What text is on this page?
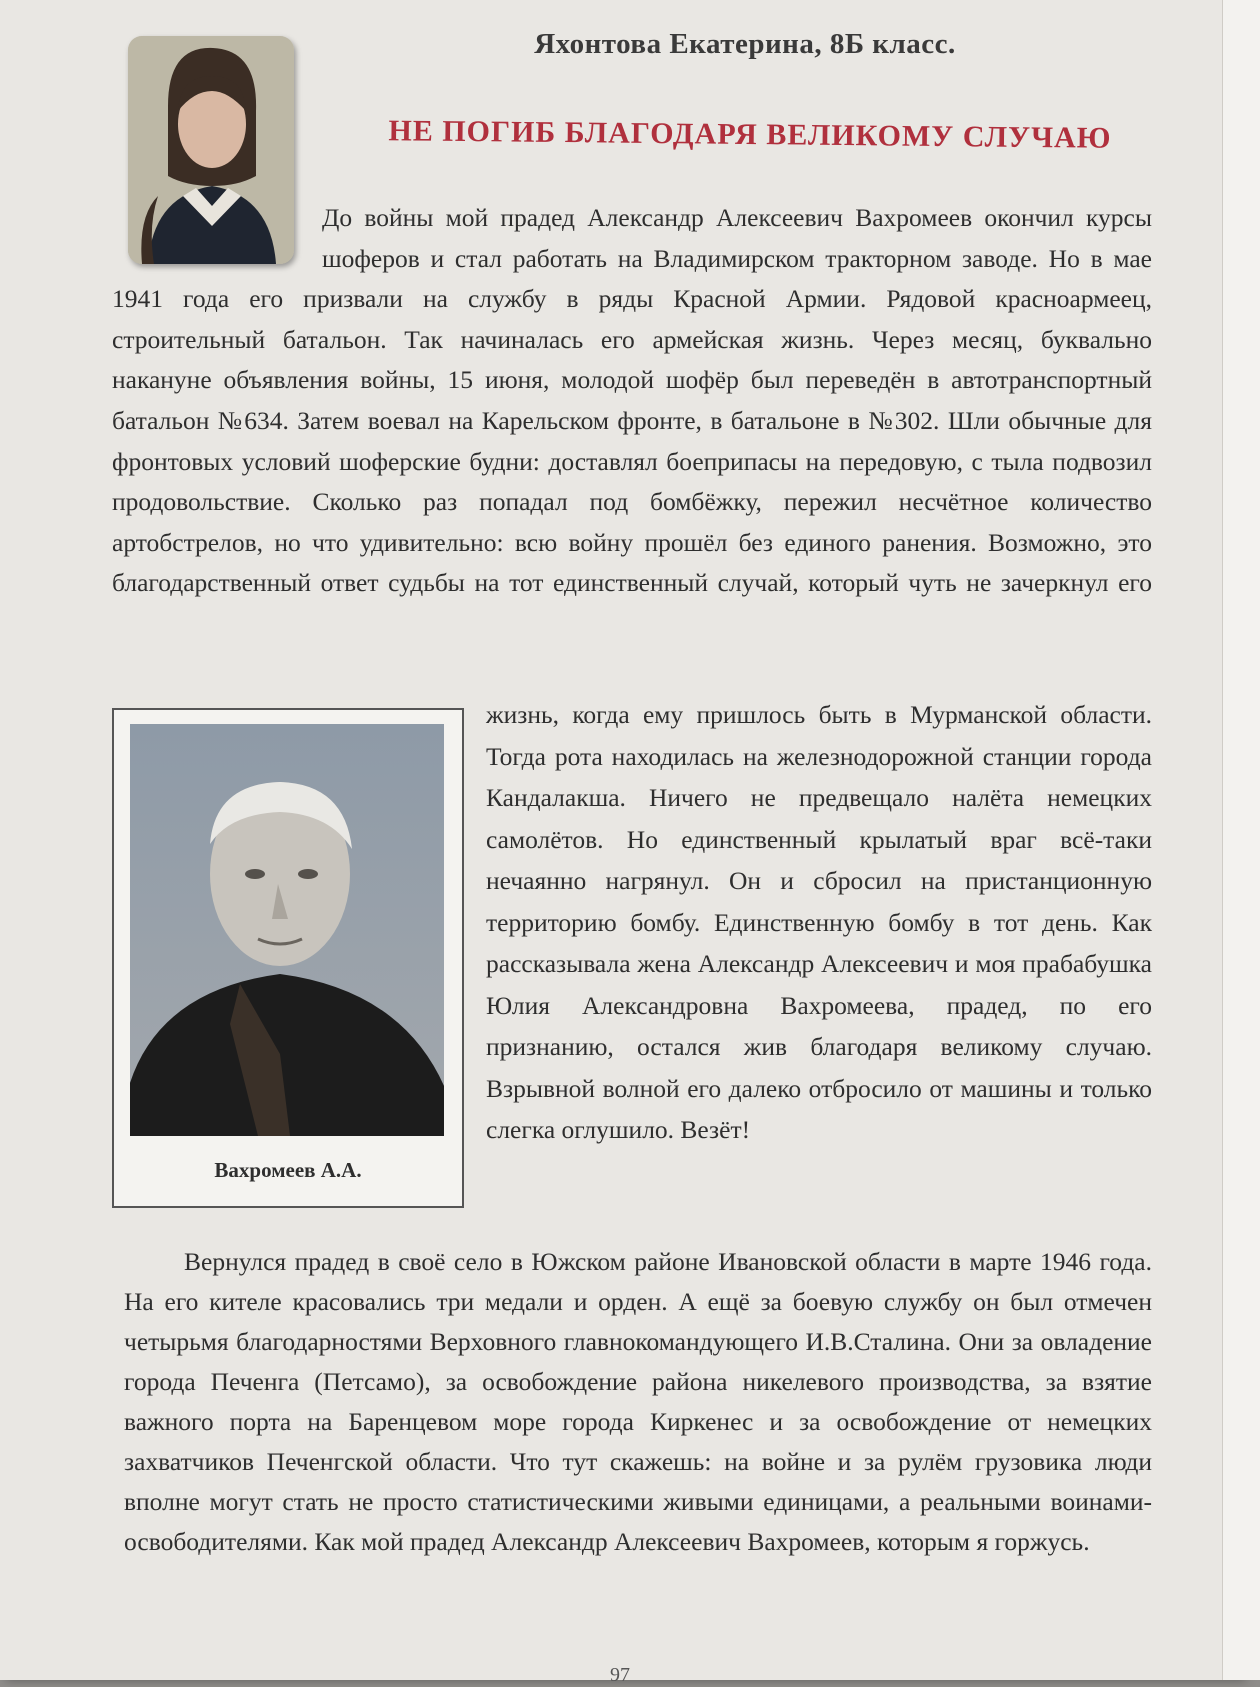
Яхонтова Екатерина, 8Б класс.
НЕ ПОГИБ БЛАГОДАРЯ ВЕЛИКОМУ СЛУЧАЮ

До войны мой прадед Александр Алексеевич Вахромеев окончил курсы шоферов и стал работать на Владимирском тракторном заводе. Но в мае 1941 года его призвали на службу в ряды Красной Армии. Рядовой красноармеец, строительный батальон. Так начиналась его армейская жизнь. Через месяц, буквально накануне объявления войны, 15 июня, молодой шофёр был переведён в автотранспортный батальон №634. Затем воевал на Карельском фронте, в батальоне в №302. Шли обычные для фронтовых условий шоферские будни: доставлял боеприпасы на передовую, с тыла подвозил продовольствие. Сколько раз попадал под бомбёжку, пережил несчётное количество артобстрелов, но что удивительно: всю войну прошёл без единого ранения. Возможно, это благодарственный ответ судьбы на тот единственный случай, который чуть не зачеркнул его

Вахромеев А.А.
жизнь, когда ему пришлось быть в Мурманской области. Тогда рота находилась на железнодорожной станции города Кандалакша. Ничего не предвещало налёта немецких самолётов. Но единственный крылатый враг всё-таки нечаянно нагрянул. Он и сбросил на пристанционную территорию бомбу. Единственную бомбу в тот день. Как рассказывала жена Александр Алексеевич и моя прабабушка Юлия Александровна Вахромеева, прадед, по его признанию, остался жив благодаря великому случаю. Взрывной волной его далеко отбросило от машины и только слегка оглушило. Везёт!
Вернулся прадед в своё село в Южском районе Ивановской области в марте 1946 года. На его кителе красовались три медали и орден. А ещё за боевую службу он был отмечен четырьмя благодарностями Верховного главнокомандующего И.В.Сталина. Они за овладение города Печенга (Петсамо), за освобождение района никелевого производства, за взятие важного порта на Баренцевом море города Киркенес и за освобождение от немецких захватчиков Печенгской области. Что тут скажешь: на войне и за рулём грузовика люди вполне могут стать не просто статистическими живыми единицами, а реальными воинами-освободителями. Как мой прадед Александр Алексеевич Вахромеев, которым я горжусь.
97
